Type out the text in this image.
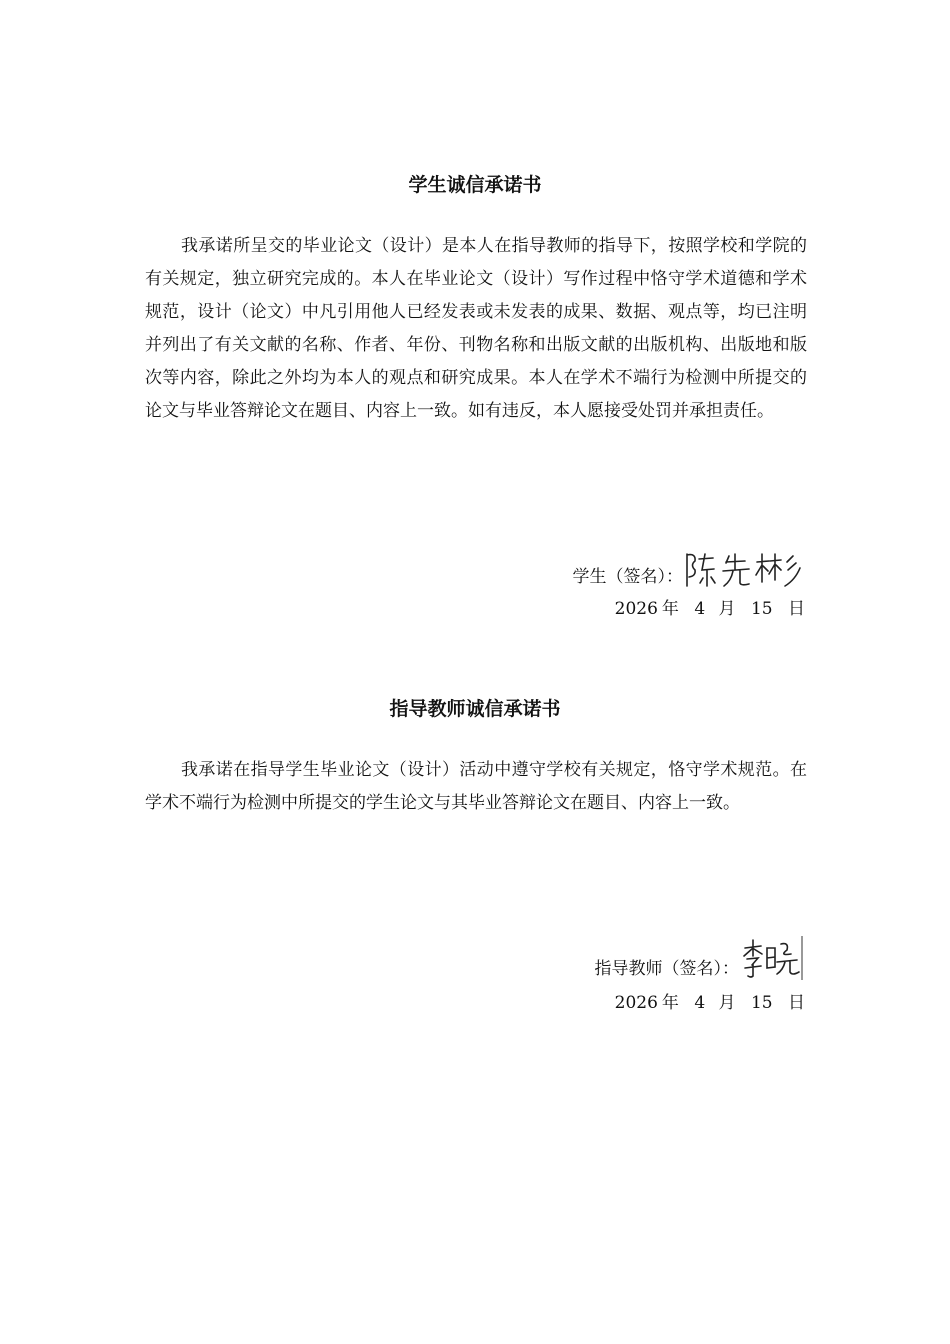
学生诚信承诺书

我承诺所呈交的毕业论文（设计）是本人在指导教师的指导下，按照学校和学院的有关规定，独立研究完成的。本人在毕业论文（设计）写作过程中恪守学术道德和学术规范，设计（论文）中凡引用他人已经发表或未发表的成果、数据、观点等，均已注明并列出了有关文献的名称、作者、年份、刊物名称和出版文献的出版机构、出版地和版次等内容，除此之外均为本人的观点和研究成果。本人在学术不端行为检测中所提交的论文与毕业答辩论文在题目、内容上一致。如有违反，本人愿接受处罚并承担责任。

学生（签名）：
2026 年 4 月 15 日
指导教师诚信承诺书

我承诺在指导学生毕业论文（设计）活动中遵守学校有关规定，恪守学术规范。在学术不端行为检测中所提交的学生论文与其毕业答辩论文在题目、内容上一致。

指导教师（签名）：
2026 年 4 月 15 日
